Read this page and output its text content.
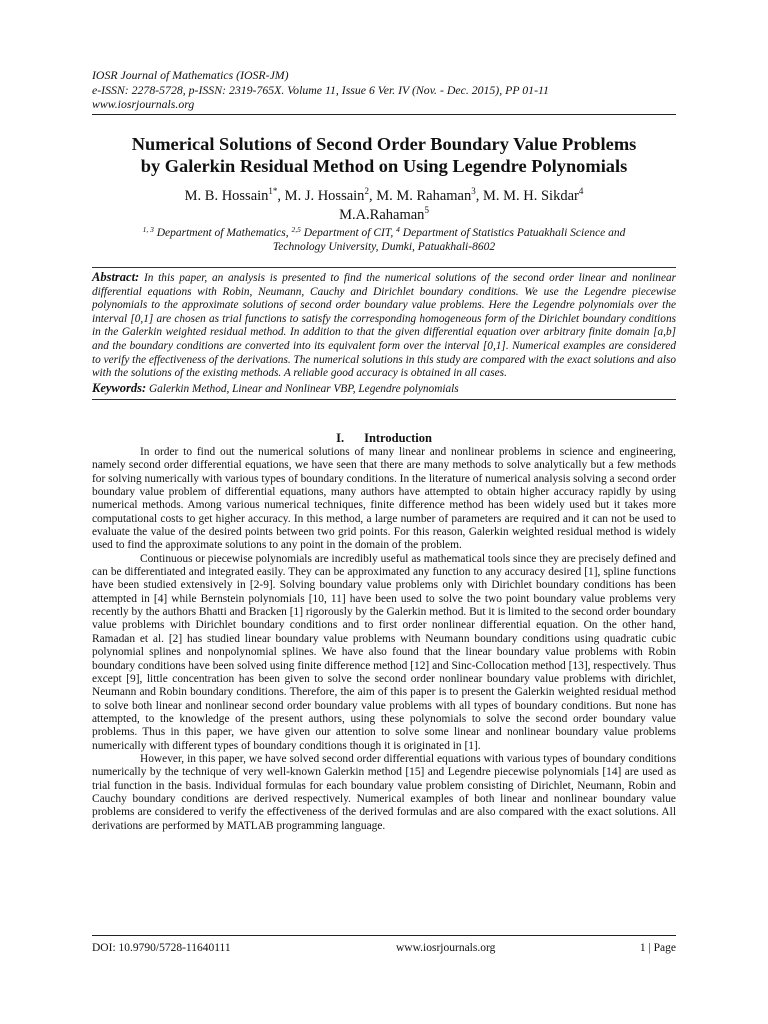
IOSR Journal of Mathematics (IOSR-JM)
e-ISSN: 2278-5728, p-ISSN: 2319-765X. Volume 11, Issue 6 Ver. IV (Nov. - Dec. 2015), PP 01-11
www.iosrjournals.org
Numerical Solutions of Second Order Boundary Value Problems
by Galerkin Residual Method on Using Legendre Polynomials
M. B. Hossain$^{1*}$, M. J. Hossain$^2$, M. M. Rahaman$^3$, M. M. H. Sikdar$^4$
M.A.Rahaman$^5$
$^{1, 3}$ Department of Mathematics, $^{2,5}$ Department of CIT, $^4$ Department of Statistics Patuakhali Science and
Technology University, Dumki, Patuakhali-8602

Abstract: In this paper, an analysis is presented to find the numerical solutions of the second order linear and nonlinear differential equations with Robin, Neumann, Cauchy and Dirichlet boundary conditions. We use the Legendre piecewise polynomials to the approximate solutions of second order boundary value problems. Here the Legendre polynomials over the interval [0,1] are chosen as trial functions to satisfy the corresponding homogeneous form of the Dirichlet boundary conditions in the Galerkin weighted residual method. In addition to that the given differential equation over arbitrary finite domain [a,b] and the boundary conditions are converted into its equivalent form over the interval [0,1]. Numerical examples are considered to verify the effectiveness of the derivations. The numerical solutions in this study are compared with the exact solutions and also with the solutions of the existing methods. A reliable good accuracy is obtained in all cases.

Keywords: Galerkin Method, Linear and Nonlinear VBP, Legendre polynomials

I. Introduction

In order to find out the numerical solutions of many linear and nonlinear problems in science and engineering, namely second order differential equations, we have seen that there are many methods to solve analytically but a few methods for solving numerically with various types of boundary conditions. In the literature of numerical analysis solving a second order boundary value problem of differential equations, many authors have attempted to obtain higher accuracy rapidly by using numerical methods. Among various numerical techniques, finite difference method has been widely used but it takes more computational costs to get higher accuracy. In this method, a large number of parameters are required and it can not be used to evaluate the value of the desired points between two grid points. For this reason, Galerkin weighted residual method is widely used to find the approximate solutions to any point in the domain of the problem.

Continuous or piecewise polynomials are incredibly useful as mathematical tools since they are precisely defined and can be differentiated and integrated easily. They can be approximated any function to any accuracy desired [1], spline functions have been studied extensively in [2-9]. Solving boundary value problems only with Dirichlet boundary conditions has been attempted in [4] while Bernstein polynomials [10, 11] have been used to solve the two point boundary value problems very recently by the authors Bhatti and Bracken [1] rigorously by the Galerkin method. But it is limited to the second order boundary value problems with Dirichlet boundary conditions and to first order nonlinear differential equation. On the other hand, Ramadan et al. [2] has studied linear boundary value problems with Neumann boundary conditions using quadratic cubic polynomial splines and nonpolynomial splines. We have also found that the linear boundary value problems with Robin boundary conditions have been solved using finite difference method [12] and Sinc-Collocation method [13], respectively. Thus except [9], little concentration has been given to solve the second order nonlinear boundary value problems with dirichlet, Neumann and Robin boundary conditions. Therefore, the aim of this paper is to present the Galerkin weighted residual method to solve both linear and nonlinear second order boundary value problems with all types of boundary conditions. But none has attempted, to the knowledge of the present authors, using these polynomials to solve the second order boundary value problems. Thus in this paper, we have given our attention to solve some linear and nonlinear boundary value problems numerically with different types of boundary conditions though it is originated in [1].

However, in this paper, we have solved second order differential equations with various types of boundary conditions numerically by the technique of very well-known Galerkin method [15] and Legendre piecewise polynomials [14] are used as trial function in the basis. Individual formulas for each boundary value problem consisting of Dirichlet, Neumann, Robin and Cauchy boundary conditions are derived respectively. Numerical examples of both linear and nonlinear boundary value problems are considered to verify the effectiveness of the derived formulas and are also compared with the exact solutions. All derivations are performed by MATLAB programming language.

DOI: 10.9790/5728-11640111	www.iosrjournals.org	1 | Page
